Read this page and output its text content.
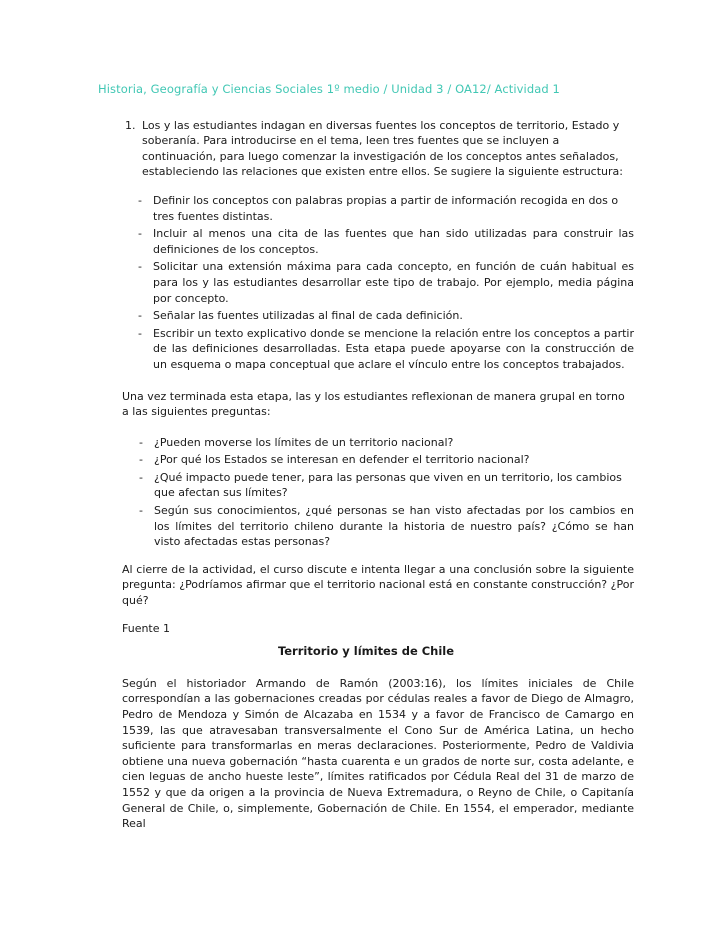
Historia, Geografía y Ciencias Sociales 1º medio / Unidad 3 / OA12/ Actividad 1
1. Los y las estudiantes indagan en diversas fuentes los conceptos de territorio, Estado y soberanía. Para introducirse en el tema, leen tres fuentes que se incluyen a continuación, para luego comenzar la investigación de los conceptos antes señalados, estableciendo las relaciones que existen entre ellos. Se sugiere la siguiente estructura:

-	Definir los conceptos con palabras propias a partir de información recogida en dos o tres fuentes distintas.

-	Incluir al menos una cita de las fuentes que han sido utilizadas para construir las definiciones de los conceptos.

-	Solicitar una extensión máxima para cada concepto, en función de cuán habitual es para los y las estudiantes desarrollar este tipo de trabajo. Por ejemplo, media página por concepto.

-	Señalar las fuentes utilizadas al final de cada definición.

-	Escribir un texto explicativo donde se mencione la relación entre los conceptos a partir de las definiciones desarrolladas. Esta etapa puede apoyarse con la construcción de un esquema o mapa conceptual que aclare el vínculo entre los conceptos trabajados.

Una vez terminada esta etapa, las y los estudiantes reflexionan de manera grupal en torno a las siguientes preguntas:

-	¿Pueden moverse los límites de un territorio nacional?

-	¿Por qué los Estados se interesan en defender el territorio nacional?

-	¿Qué impacto puede tener, para las personas que viven en un territorio, los cambios que afectan sus límites?

-	Según sus conocimientos, ¿qué personas se han visto afectadas por los cambios en los límites del territorio chileno durante la historia de nuestro país? ¿Cómo se han visto afectadas estas personas?

Al cierre de la actividad, el curso discute e intenta llegar a una conclusión sobre la siguiente pregunta: ¿Podríamos afirmar que el territorio nacional está en constante construcción? ¿Por qué?

Fuente 1

Territorio y límites de Chile

Según el historiador Armando de Ramón (2003:16), los límites iniciales de Chile correspondían a las gobernaciones creadas por cédulas reales a favor de Diego de Almagro, Pedro de Mendoza y Simón de Alcazaba en 1534 y a favor de Francisco de Camargo en 1539, las que atravesaban transversalmente el Cono Sur de América Latina, un hecho suficiente para transformarlas en meras declaraciones. Posteriormente, Pedro de Valdivia obtiene una nueva gobernación “hasta cuarenta e un grados de norte sur, costa adelante, e cien leguas de ancho hueste leste”, límites ratificados por Cédula Real del 31 de marzo de 1552 y que da origen a la provincia de Nueva Extremadura, o Reyno de Chile, o Capitanía General de Chile, o, simplemente, Gobernación de Chile. En 1554, el emperador, mediante Real
